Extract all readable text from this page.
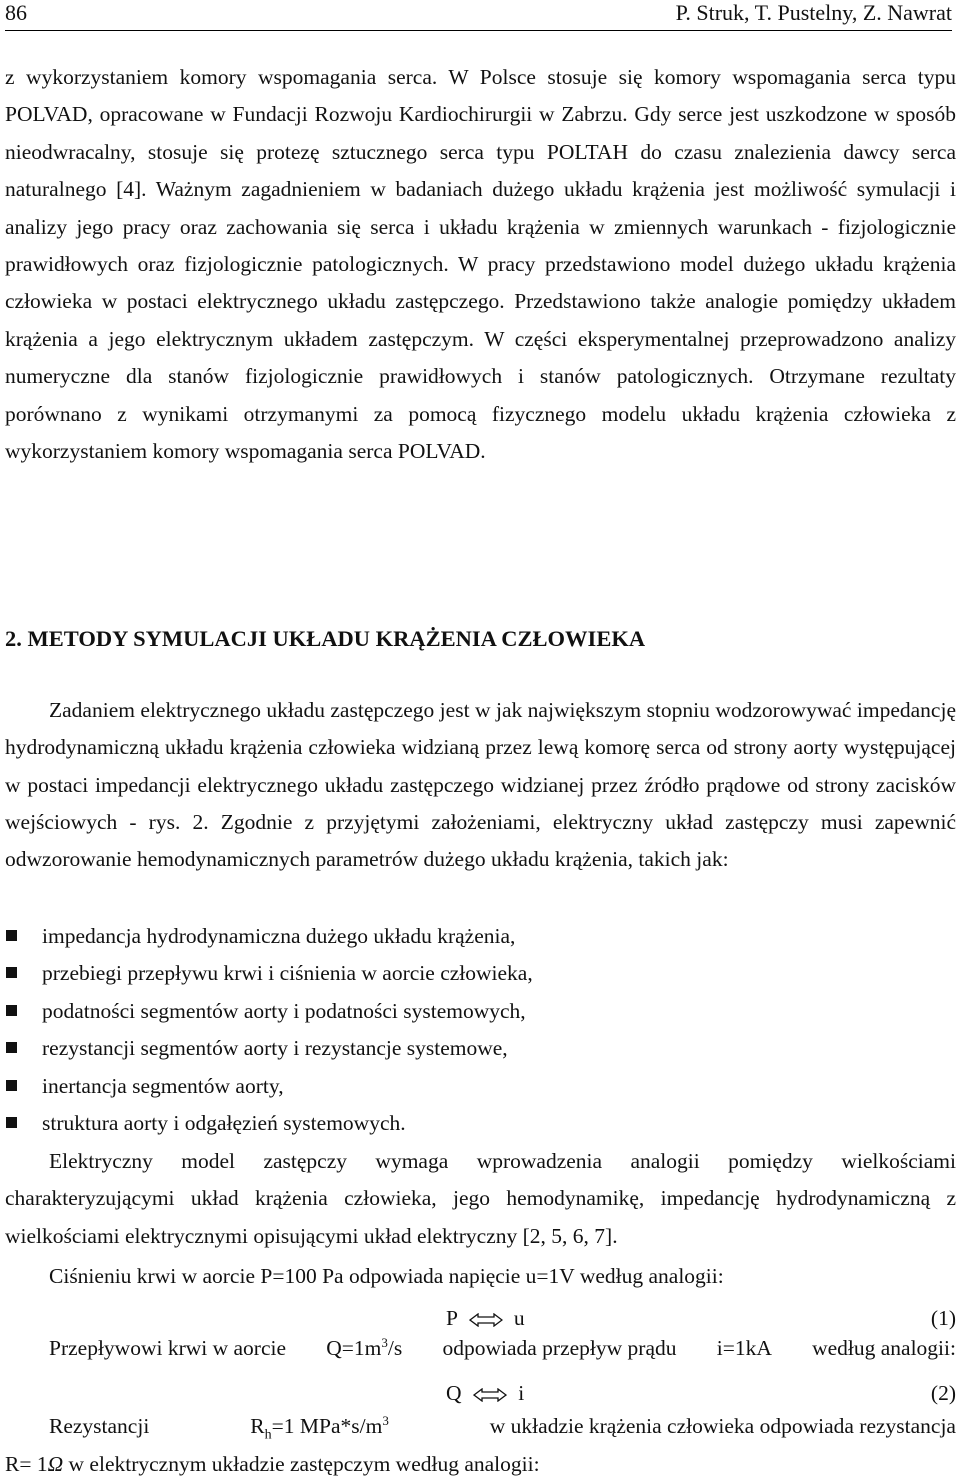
86	P. Struk, T. Pustelny, Z. Nawrat

z wykorzystaniem komory wspomagania serca. W Polsce stosuje się komory wspomagania serca typu POLVAD, opracowane w Fundacji Rozwoju Kardiochirurgii w Zabrzu. Gdy serce jest uszkodzone w sposób nieodwracalny, stosuje się protezę sztucznego serca typu POLTAH do czasu znalezienia dawcy serca naturalnego [4]. Ważnym zagadnieniem w badaniach dużego układu krążenia jest możliwość symulacji i analizy jego pracy oraz zachowania się serca i układu krążenia w zmiennych warunkach - fizjologicznie prawidłowych oraz fizjologicznie patologicznych. W pracy przedstawiono model dużego układu krążenia człowieka w postaci elektrycznego układu zastępczego. Przedstawiono także analogie pomiędzy układem krążenia a jego elektrycznym układem zastępczym. W części eksperymentalnej przeprowadzono analizy numeryczne dla stanów fizjologicznie prawidłowych i stanów patologicznych. Otrzymane rezultaty porównano z wynikami otrzymanymi za pomocą fizycznego modelu układu krążenia człowieka z wykorzystaniem komory wspomagania serca POLVAD.

2. METODY SYMULACJI UKŁADU KRĄŻENIA CZŁOWIEKA

Zadaniem elektrycznego układu zastępczego jest w jak największym stopniu wodzorowywać impedancję hydrodynamiczną układu krążenia człowieka widzianą przez lewą komorę serca od strony aorty występującej w postaci impedancji elektrycznego układu zastępczego widzianej przez źródło prądowe od strony zacisków wejściowych - rys. 2. Zgodnie z przyjętymi założeniami, elektryczny układ zastępczy musi zapewnić odwzorowanie hemodynamicznych parametrów dużego układu krążenia, takich jak:

impedancja hydrodynamiczna dużego układu krążenia,
przebiegi przepływu krwi i ciśnienia w aorcie człowieka,
podatności segmentów aorty i podatności systemowych,
rezystancji segmentów aorty i rezystancje systemowe,
inertancja segmentów aorty,
struktura aorty i odgałęzień systemowych.

Elektryczny model zastępczy wymaga wprowadzenia analogii pomiędzy wielkościami charakteryzującymi układ krążenia człowieka, jego hemodynamikę, impedancję hydrodynamiczną z wielkościami elektrycznymi opisującymi układ elektryczny [2, 5, 6, 7].

Ciśnieniu krwi w aorcie P=100 Pa odpowiada napięcie u=1V według analogii:
P	u	(1)
Przepływowi krwi w aorcie $Q=1m^3/s$ odpowiada przepływ prądu i=1kA według analogii:
Q	i	(2)
Rezystancji	$R_h=1$ $MPa*s/m^3$	w układzie krążenia człowieka odpowiada rezystancja
R= 1Ω w elektrycznym układzie zastępczym według analogii:
